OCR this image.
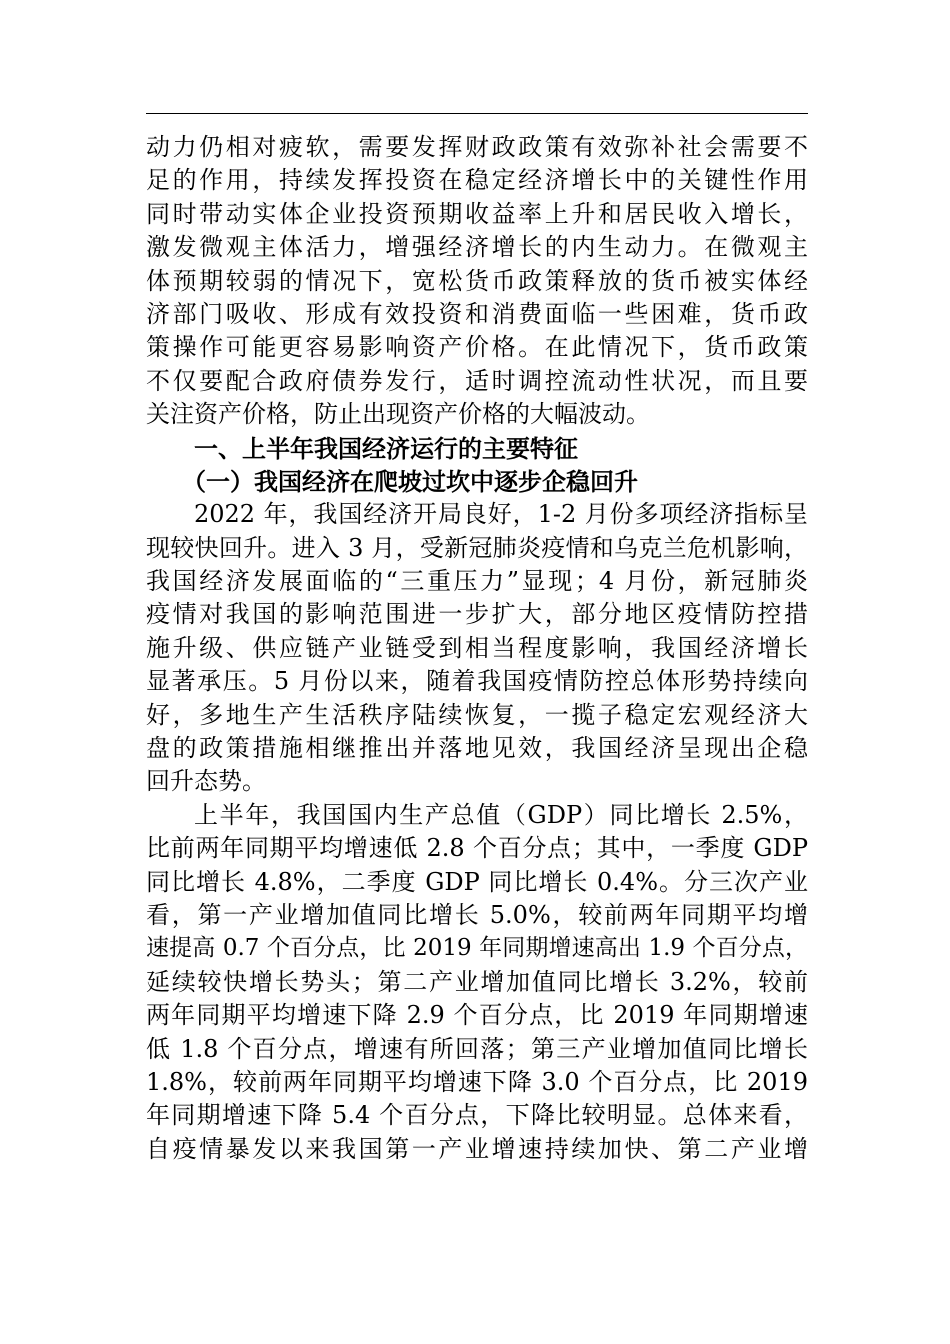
动力仍相对疲软，需要发挥财政政策有效弥补社会需要不
足的作用，持续发挥投资在稳定经济增长中的关键性作用
同时带动实体企业投资预期收益率上升和居民收入增长，
激发微观主体活力，增强经济增长的内生动力。在微观主
体预期较弱的情况下，宽松货币政策释放的货币被实体经
济部门吸收、形成有效投资和消费面临一些困难，货币政
策操作可能更容易影响资产价格。在此情况下，货币政策
不仅要配合政府债券发行，适时调控流动性状况，而且要
关注资产价格，防止出现资产价格的大幅波动。
一、上半年我国经济运行的主要特征
（一）我国经济在爬坡过坎中逐步企稳回升
2022 年，我国经济开局良好，1-2 月份多项经济指标呈
现较快回升。进入 3 月，受新冠肺炎疫情和乌克兰危机影响，
我国经济发展面临的“三重压力”显现；4 月份，新冠肺炎
疫情对我国的影响范围进一步扩大，部分地区疫情防控措
施升级、供应链产业链受到相当程度影响，我国经济增长
显著承压。5 月份以来，随着我国疫情防控总体形势持续向
好，多地生产生活秩序陆续恢复，一揽子稳定宏观经济大
盘的政策措施相继推出并落地见效，我国经济呈现出企稳
回升态势。
上半年，我国国内生产总值（GDP）同比增长 2.5%，
比前两年同期平均增速低 2.8 个百分点；其中，一季度 GDP
同比增长 4.8%，二季度 GDP 同比增长 0.4%。分三次产业
看，第一产业增加值同比增长 5.0%，较前两年同期平均增
速提高 0.7 个百分点，比 2019 年同期增速高出 1.9 个百分点，
延续较快增长势头；第二产业增加值同比增长 3.2%，较前
两年同期平均增速下降 2.9 个百分点，比 2019 年同期增速
低 1.8 个百分点，增速有所回落；第三产业增加值同比增长
1.8%，较前两年同期平均增速下降 3.0 个百分点，比 2019
年同期增速下降 5.4 个百分点，下降比较明显。总体来看，
自疫情暴发以来我国第一产业增速持续加快、第二产业增
